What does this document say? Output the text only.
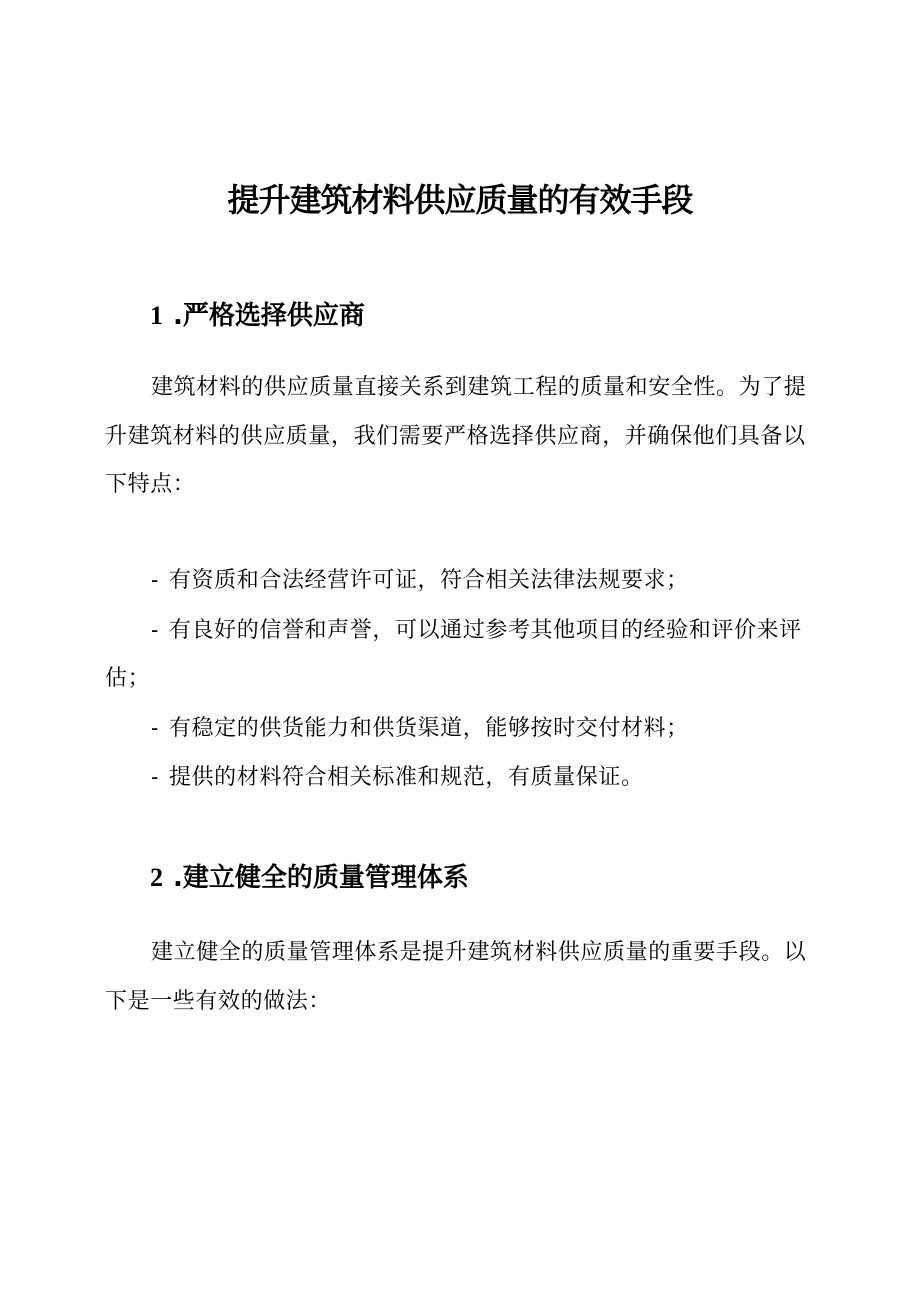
提升建筑材料供应质量的有效手段
1 .严格选择供应商

建筑材料的供应质量直接关系到建筑工程的质量和安全性。为了提升建筑材料的供应质量，我们需要严格选择供应商，并确保他们具备以下特点：

- 有资质和合法经营许可证，符合相关法律法规要求；
- 有良好的信誉和声誉，可以通过参考其他项目的经验和评价来评估；
- 有稳定的供货能力和供货渠道，能够按时交付材料；
- 提供的材料符合相关标准和规范，有质量保证。
2 .建立健全的质量管理体系

建立健全的质量管理体系是提升建筑材料供应质量的重要手段。以下是一些有效的做法：
